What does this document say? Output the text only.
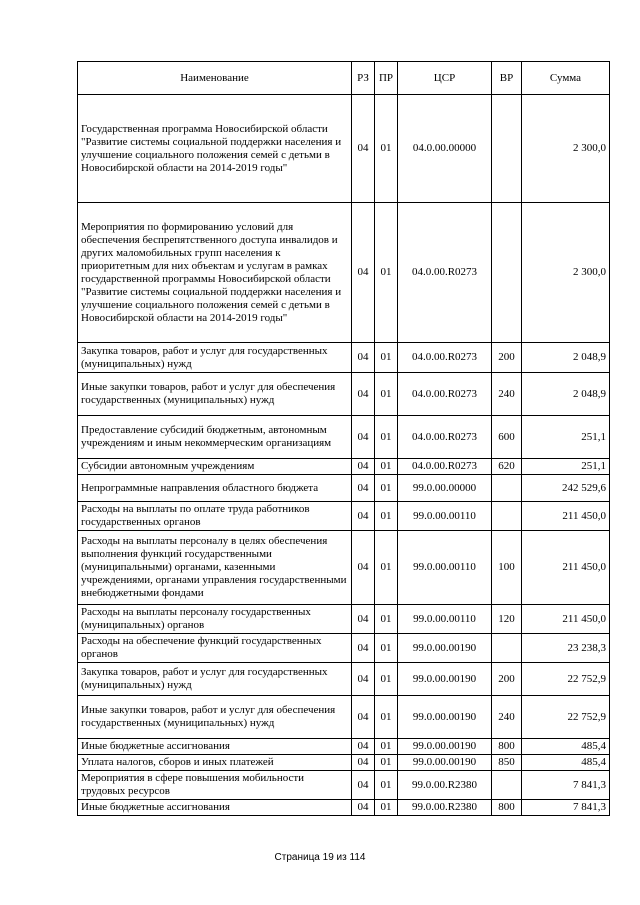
Наименование	РЗ	ПР	ЦСР	ВР	Сумма
Государственная программа Новосибирской области "Развитие системы социальной поддержки населения и улучшение социального положения семей с детьми в Новосибирской области на 2014-2019 годы"	04	01	04.0.00.00000		2 300,0
Мероприятия по формированию условий для обеспечения беспрепятственного доступа инвалидов и других маломобильных групп населения к приоритетным для них объектам и услугам в рамках государственной программы Новосибирской области "Развитие системы социальной поддержки населения и улучшение социального положения семей с детьми в Новосибирской области на 2014-2019 годы"	04	01	04.0.00.R0273		2 300,0
Закупка товаров, работ и услуг для государственных (муниципальных) нужд	04	01	04.0.00.R0273	200	2 048,9
Иные закупки товаров, работ и услуг для обеспечения государственных (муниципальных) нужд	04	01	04.0.00.R0273	240	2 048,9
Предоставление субсидий бюджетным, автономным учреждениям и иным некоммерческим организациям	04	01	04.0.00.R0273	600	251,1
Субсидии автономным учреждениям	04	01	04.0.00.R0273	620	251,1
Непрограммные направления областного бюджета	04	01	99.0.00.00000		242 529,6
Расходы на выплаты по оплате труда работников государственных органов	04	01	99.0.00.00110		211 450,0
Расходы на выплаты персоналу в целях обеспечения выполнения функций государственными (муниципальными) органами, казенными учреждениями, органами управления государственными внебюджетными фондами	04	01	99.0.00.00110	100	211 450,0
Расходы на выплаты персоналу государственных (муниципальных) органов	04	01	99.0.00.00110	120	211 450,0
Расходы на обеспечение функций государственных органов	04	01	99.0.00.00190		23 238,3
Закупка товаров, работ и услуг для государственных (муниципальных) нужд	04	01	99.0.00.00190	200	22 752,9
Иные закупки товаров, работ и услуг для обеспечения государственных (муниципальных) нужд	04	01	99.0.00.00190	240	22 752,9
Иные бюджетные ассигнования	04	01	99.0.00.00190	800	485,4
Уплата налогов, сборов и иных платежей	04	01	99.0.00.00190	850	485,4
Мероприятия в сфере повышения мобильности трудовых ресурсов	04	01	99.0.00.R2380		7 841,3
Иные бюджетные ассигнования	04	01	99.0.00.R2380	800	7 841,3
Страница 19 из 114
